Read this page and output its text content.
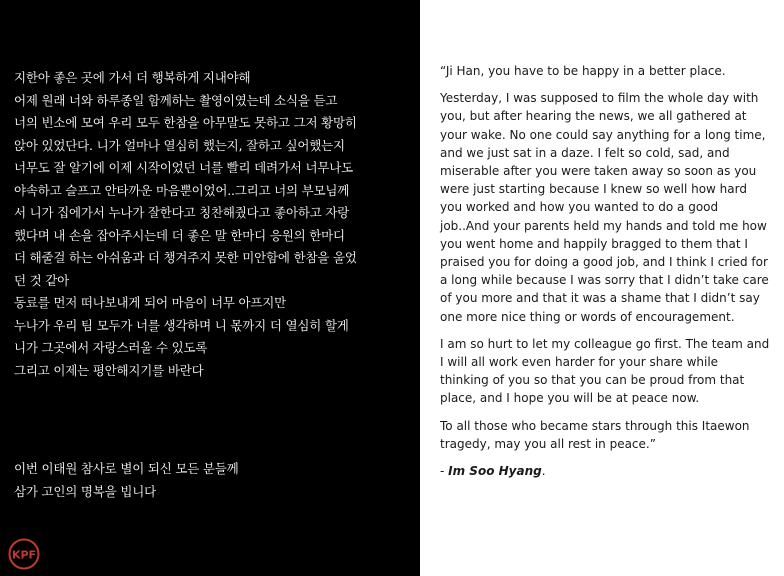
지한아 좋은 곳에 가서 더 행복하게 지내야해
어제 원래 너와 하루종일 함께하는 촬영이였는데 소식을 듣고
너의 빈소에 모여 우리 모두 한참을 아무말도 못하고 그저 황망히
앉아 있었단다. 니가 얼마나 열심히 했는지, 잘하고 싶어했는지
너무도 잘 알기에 이제 시작이었던 너를 빨리 데려가서 너무나도
야속하고 슬프고 안타까운 마음뿐이었어..그리고 너의 부모님께
서 니가 집에가서 누나가 잘한다고 칭찬해줬다고 좋아하고 자랑
했다며 내 손을 잡아주시는데 더 좋은 말 한마디 응원의 한마디
더 해줄걸 하는 아쉬움과 더 챙겨주지 못한 미안함에 한참을 울었
던 것 같아
동료를 먼저 떠나보내게 되어 마음이 너무 아프지만
누나가 우리 팀 모두가 너를 생각하며 니 몫까지 더 열심히 할게
니가 그곳에서 자랑스러울 수 있도록
그리고 이제는 평안해지기를 바란다
이번 이태원 참사로 별이 되신 모든 분들께
삼가 고인의 명복을 빕니다
KPF

“Ji Han, you have to be happy in a better place.

Yesterday, I was supposed to film the whole day with you, but after hearing the news, we all gathered at your wake. No one could say anything for a long time, and we just sat in a daze. I felt so cold, sad, and miserable after you were taken away so soon as you were just starting because I knew so well how hard you worked and how you wanted to do a good job..And your parents held my hands and told me how you went home and happily bragged to them that I praised you for doing a good job, and I think I cried for a long while because I was sorry that I didn’t take care of you more and that it was a shame that I didn’t say one more nice thing or words of encouragement.

I am so hurt to let my colleague go first. The team and I will all work even harder for your share while thinking of you so that you can be proud from that place, and I hope you will be at peace now.

To all those who became stars through this Itaewon tragedy, may you all rest in peace.”

- Im Soo Hyang.
